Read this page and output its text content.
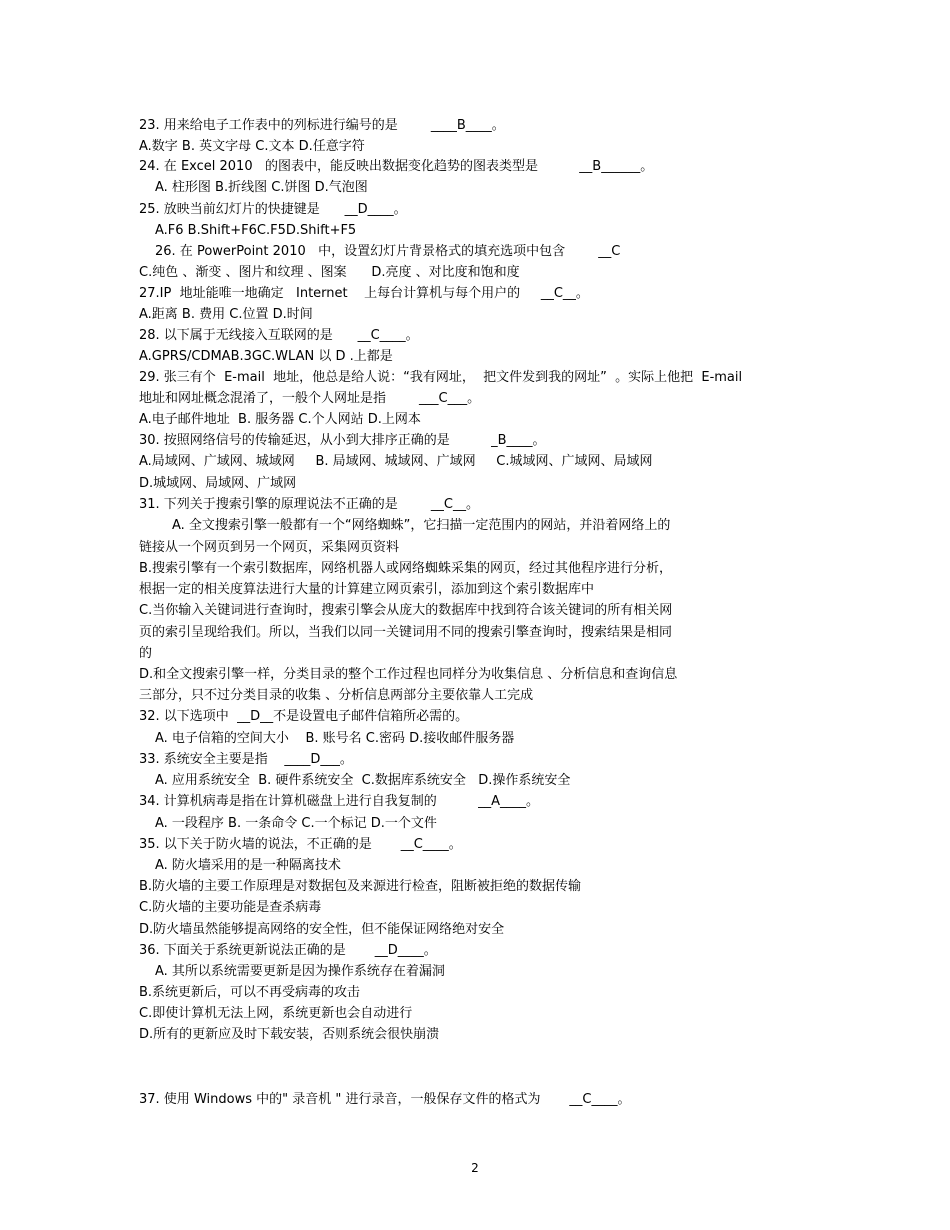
23. 用来给电子工作表中的列标进行编号的是        ____B____。
A.数字 B. 英文字母 C.文本 D.任意字符
24. 在 Excel 2010   的图表中，能反映出数据变化趋势的图表类型是          __B______。
A. 柱形图 B.折线图 C.饼图 D.气泡图
25. 放映当前幻灯片的快捷键是      __D____。
A.F6 B.Shift+F6C.F5D.Shift+F5
26. 在 PowerPoint 2010   中，设置幻灯片背景格式的填充选项中包含        __C
C.纯色 、渐变 、图片和纹理 、图案      D.亮度 、对比度和饱和度
27.IP  地址能唯一地确定   Internet    上每台计算机与每个用户的     __C__。
A.距离 B. 费用 C.位置 D.时间
28. 以下属于无线接入互联网的是      __C____。
A.GPRS/CDMAB.3GC.WLAN 以 D .上都是
29. 张三有个  E-mail  地址，他总是给人说：“我有网址，  把文件发到我的网址”  。实际上他把  E-mail
地址和网址概念混淆了，一般个人网址是指        ___C___。
A.电子邮件地址  B. 服务器 C.个人网站 D.上网本
30. 按照网络信号的传输延迟，从小到大排序正确的是          _B____。
A.局域网、广域网、城域网     B. 局域网、城域网、广域网     C.城域网、广域网、局域网
D.城域网、局域网、广域网
31. 下列关于搜索引擎的原理说法不正确的是        __C__。
A. 全文搜索引擎一般都有一个“网络蜘蛛”，它扫描一定范围内的网站，并沿着网络上的
链接从一个网页到另一个网页，采集网页资料
B.搜索引擎有一个索引数据库，网络机器人或网络蜘蛛采集的网页，经过其他程序进行分析，
根据一定的相关度算法进行大量的计算建立网页索引，添加到这个索引数据库中
C.当你输入关键词进行查询时，搜索引擎会从庞大的数据库中找到符合该关键词的所有相关网
页的索引呈现给我们。所以，当我们以同一关键词用不同的搜索引擎查询时，搜索结果是相同
的
D.和全文搜索引擎一样，分类目录的整个工作过程也同样分为收集信息 、分析信息和查询信息
三部分，只不过分类目录的收集 、分析信息两部分主要依靠人工完成
32. 以下选项中  __D__不是设置电子邮件信箱所必需的。
A. 电子信箱的空间大小    B. 账号名 C.密码 D.接收邮件服务器
33. 系统安全主要是指    ____D___。
A. 应用系统安全  B. 硬件系统安全  C.数据库系统安全   D.操作系统安全
34. 计算机病毒是指在计算机磁盘上进行自我复制的          __A____。
A. 一段程序 B. 一条命令 C.一个标记 D.一个文件
35. 以下关于防火墙的说法，不正确的是       __C____。
A. 防火墙采用的是一种隔离技术
B.防火墙的主要工作原理是对数据包及来源进行检查，阻断被拒绝的数据传输
C.防火墙的主要功能是查杀病毒
D.防火墙虽然能够提高网络的安全性，但不能保证网络绝对安全
36. 下面关于系统更新说法正确的是       __D____。
A. 其所以系统需要更新是因为操作系统存在着漏洞
B.系统更新后，可以不再受病毒的攻击
C.即使计算机无法上网，系统更新也会自动进行
D.所有的更新应及时下载安装，否则系统会很快崩溃
37. 使用 Windows 中的" 录音机 " 进行录音，一般保存文件的格式为       __C____。
2
